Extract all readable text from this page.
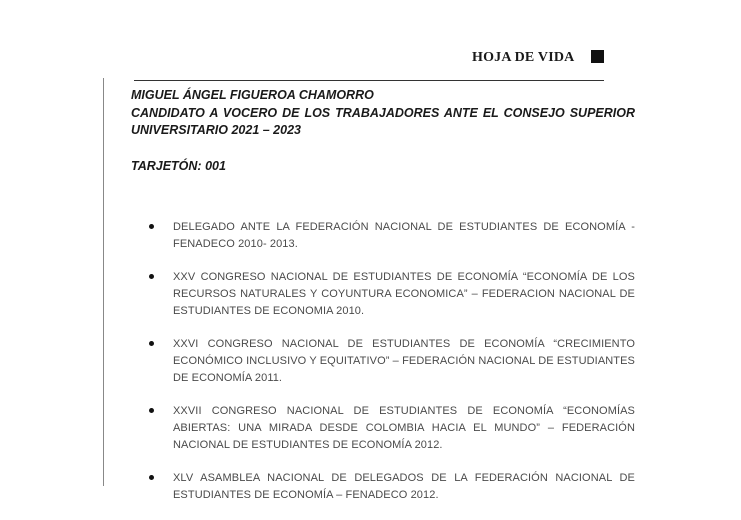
HOJA DE VIDA
MIGUEL ÁNGEL FIGUEROA CHAMORRO
CANDIDATO A VOCERO DE LOS TRABAJADORES ANTE EL CONSEJO SUPERIOR UNIVERSITARIO 2021 – 2023
TARJETÓN: 001
DELEGADO ANTE LA FEDERACIÓN NACIONAL DE ESTUDIANTES DE ECONOMÍA - FENADECO 2010- 2013.
XXV CONGRESO NACIONAL DE ESTUDIANTES DE ECONOMÍA “ECONOMÍA DE LOS RECURSOS NATURALES Y COYUNTURA ECONOMICA” – FEDERACION NACIONAL DE ESTUDIANTES DE ECONOMIA 2010.
XXVI CONGRESO NACIONAL DE ESTUDIANTES DE ECONOMÍA “CRECIMIENTO ECONÓMICO INCLUSIVO Y EQUITATIVO” – FEDERACIÓN NACIONAL DE ESTUDIANTES DE ECONOMÍA 2011.
XXVII CONGRESO NACIONAL DE ESTUDIANTES DE ECONOMÍA “ECONOMÍAS ABIERTAS: UNA MIRADA DESDE COLOMBIA HACIA EL MUNDO” – FEDERACIÓN NACIONAL DE ESTUDIANTES DE ECONOMÍA 2012.
XLV ASAMBLEA NACIONAL DE DELEGADOS DE LA FEDERACIÓN NACIONAL DE ESTUDIANTES DE ECONOMÍA – FENADECO 2012.
